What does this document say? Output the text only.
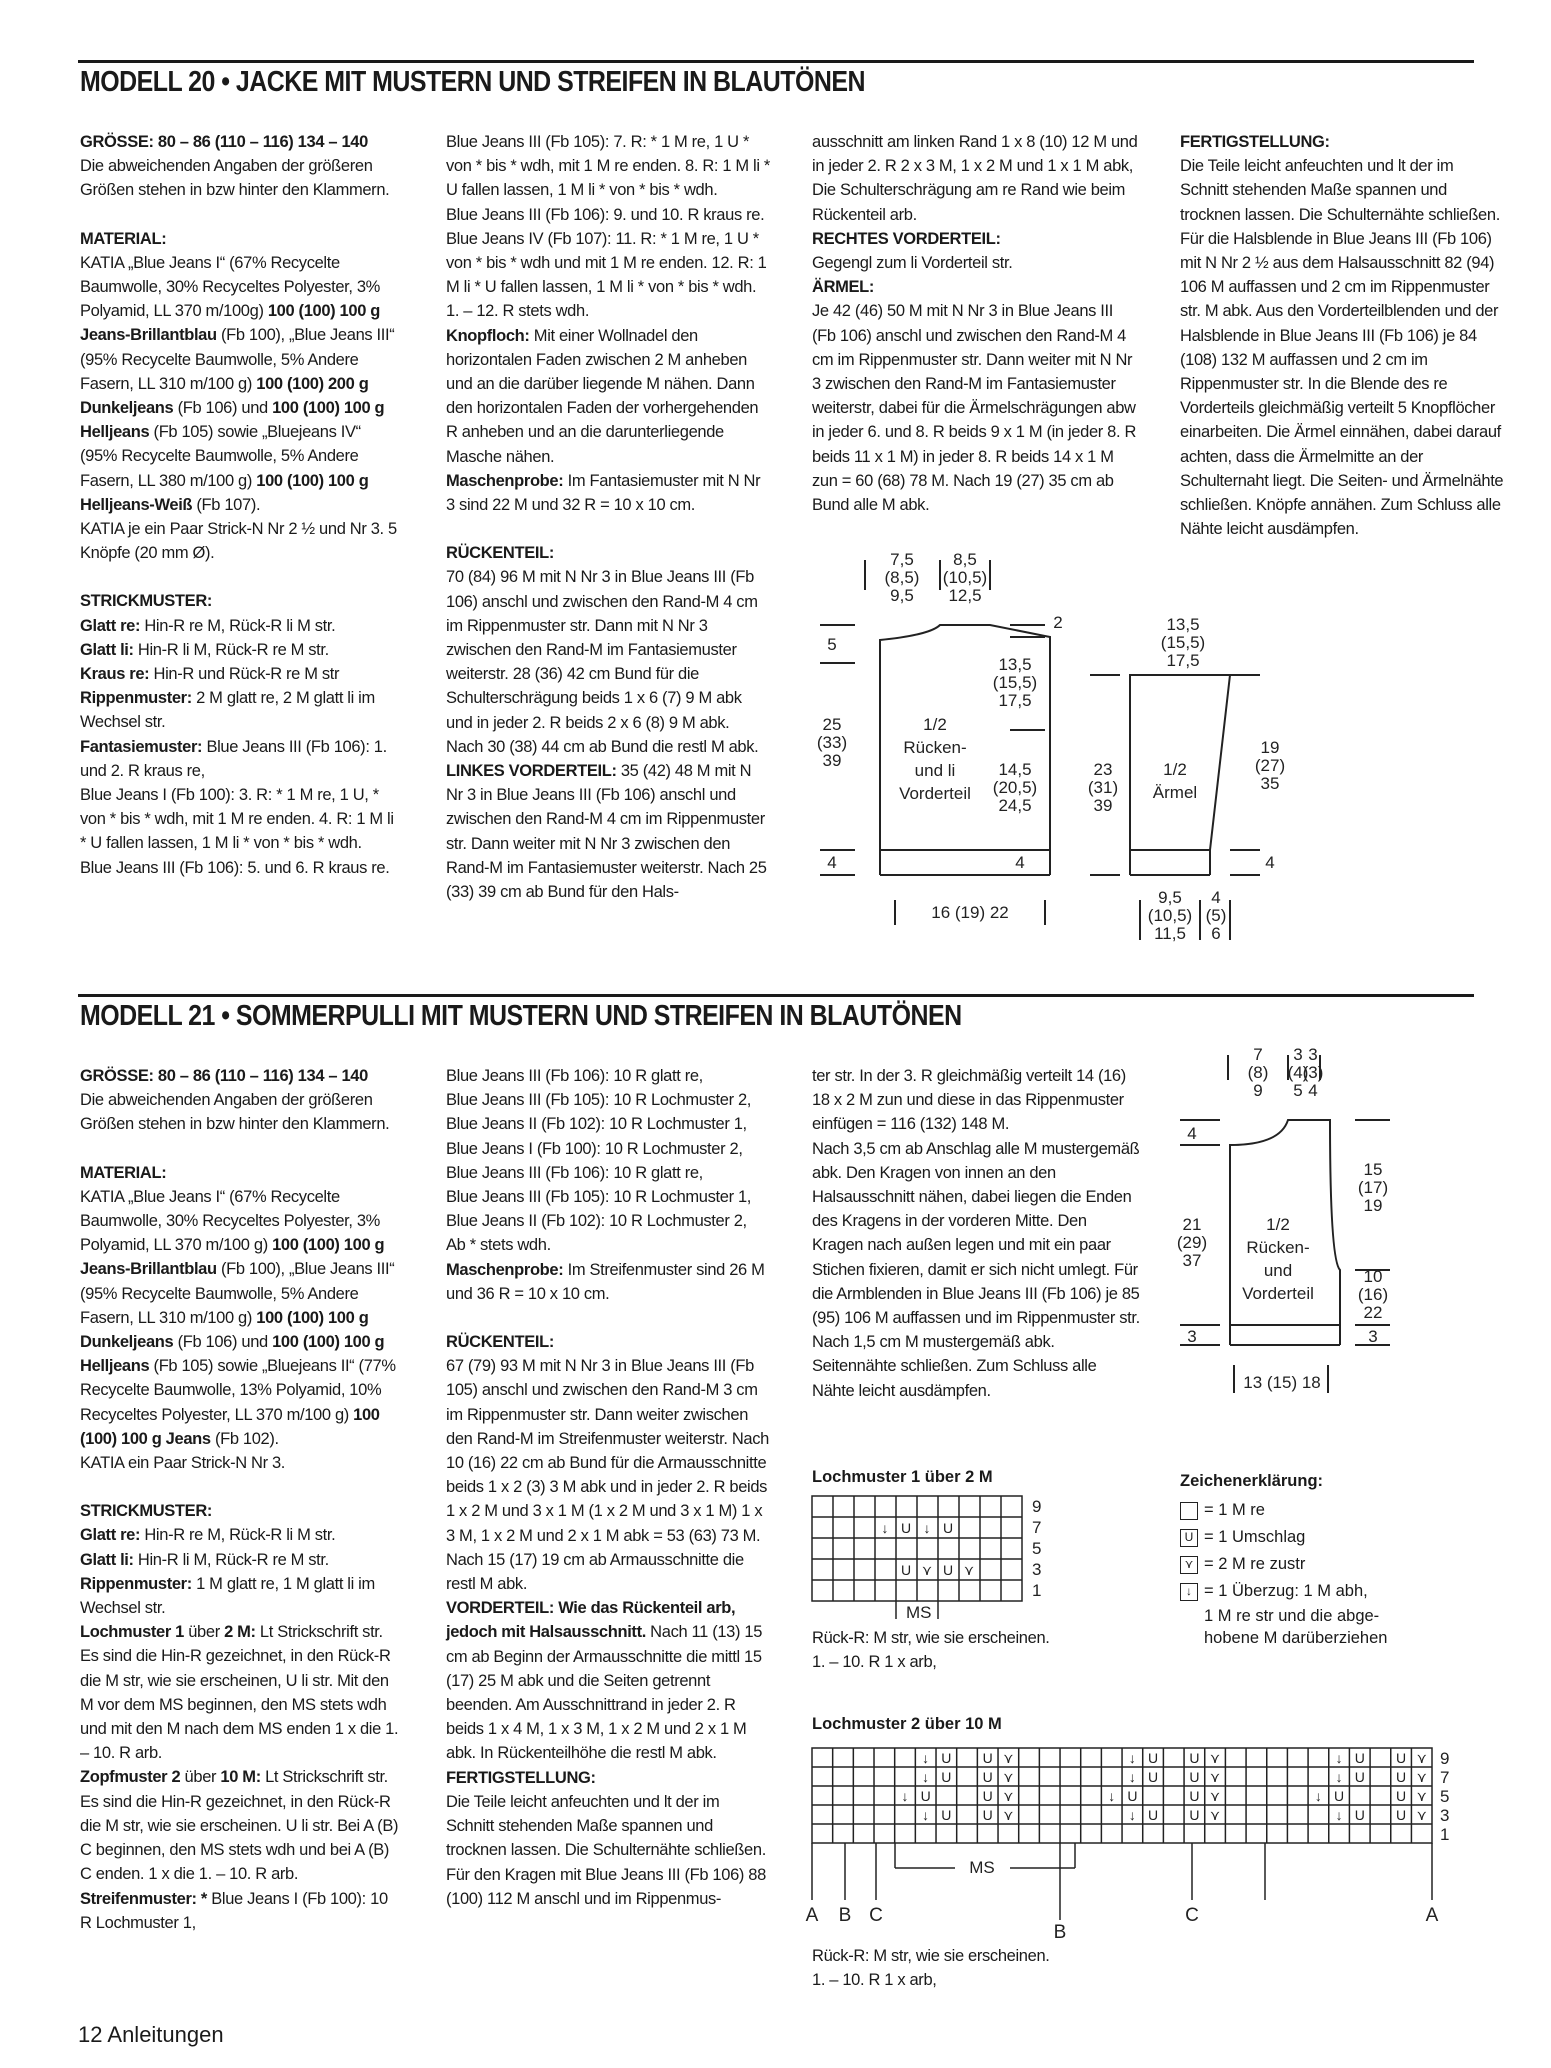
MODELL 20 • JACKE MIT MUSTERN UND STREIFEN IN BLAUTÖNEN

GRÖSSE: 80 – 86 (110 – 116) 134 – 140

Die abweichenden Angaben der größeren Größen stehen in bzw hinter den Klammern.

MATERIAL:

KATIA „Blue Jeans I“ (67% Recycelte Baumwolle, 30% Recyceltes Polyester, 3% Polyamid, LL 370 m/100g) 100 (100) 100 g Jeans-Brillantblau (Fb 100), „Blue Jeans III“ (95% Recycelte Baumwolle, 5% Andere Fasern, LL 310 m/100 g) 100 (100) 200 g Dunkeljeans (Fb 106) und 100 (100) 100 g Helljeans (Fb 105) sowie „Bluejeans IV“ (95% Recycelte Baumwolle, 5% Andere Fasern, LL 380 m/100 g) 100 (100) 100 g Helljeans-Weiß (Fb 107).

KATIA je ein Paar Strick-N Nr 2 ½ und Nr 3. 5 Knöpfe (20 mm Ø).

STRICKMUSTER:

Glatt re: Hin-R re M, Rück-R li M str.

Glatt li: Hin-R li M, Rück-R re M str.

Kraus re: Hin-R und Rück-R re M str

Rippenmuster: 2 M glatt re, 2 M glatt li im Wechsel str.

Fantasiemuster: Blue Jeans III (Fb 106): 1. und 2. R kraus re,

Blue Jeans I (Fb 100): 3. R: * 1 M re, 1 U, * von * bis * wdh, mit 1 M re enden. 4. R: 1 M li * U fallen lassen, 1 M li * von * bis * wdh.

Blue Jeans III (Fb 106): 5. und 6. R kraus re.

Blue Jeans III (Fb 105): 7. R: * 1 M re, 1 U * von * bis * wdh, mit 1 M re enden. 8. R: 1 M li * U fallen lassen, 1 M li * von * bis * wdh.

Blue Jeans III (Fb 106): 9. und 10. R kraus re.

Blue Jeans IV (Fb 107): 11. R: * 1 M re, 1 U * von * bis * wdh und mit 1 M re enden. 12. R: 1 M li * U fallen lassen, 1 M li * von * bis * wdh.

1. – 12. R stets wdh.

Knopfloch: Mit einer Wollnadel den horizontalen Faden zwischen 2 M anheben und an die darüber liegende M nähen. Dann den horizontalen Faden der vorhergehenden R anheben und an die darunterliegende Masche nähen.

Maschenprobe: Im Fantasiemuster mit N Nr 3 sind 22 M und 32 R = 10 x 10 cm.

RÜCKENTEIL:

70 (84) 96 M mit N Nr 3 in Blue Jeans III (Fb 106) anschl und zwischen den Rand-M 4 cm im Rippenmuster str. Dann mit N Nr 3 zwischen den Rand-M im Fantasiemuster weiterstr. 28 (36) 42 cm Bund für die Schulterschrägung beids 1 x 6 (7) 9 M abk und in jeder 2. R beids 2 x 6 (8) 9 M abk. Nach 30 (38) 44 cm ab Bund die restl M abk.

LINKES VORDERTEIL: 35 (42) 48 M mit N Nr 3 in Blue Jeans III (Fb 106) anschl und zwischen den Rand-M 4 cm im Rippenmuster str. Dann weiter mit N Nr 3 zwischen den Rand-M im Fantasiemuster weiterstr. Nach 25 (33) 39 cm ab Bund für den Hals-

ausschnitt am linken Rand 1 x 8 (10) 12 M und in jeder 2. R 2 x 3 M, 1 x 2 M und 1 x 1 M abk, Die Schulterschrägung am re Rand wie beim Rückenteil arb.

RECHTES VORDERTEIL:

Gegengl zum li Vorderteil str.

ÄRMEL:

Je 42 (46) 50 M mit N Nr 3 in Blue Jeans III (Fb 106) anschl und zwischen den Rand-M 4 cm im Rippenmuster str. Dann weiter mit N Nr 3 zwischen den Rand-M im Fantasiemuster weiterstr, dabei für die Ärmelschrägungen abw in jeder 6. und 8. R beids 9 x 1 M (in jeder 8. R beids 11 x 1 M) in jeder 8. R beids 14 x 1 M zun = 60 (68) 78 M. Nach 19 (27) 35 cm ab Bund alle M abk.

FERTIGSTELLUNG:

Die Teile leicht anfeuchten und lt der im Schnitt stehenden Maße spannen und trocknen lassen. Die Schulternähte schließen. Für die Halsblende in Blue Jeans III (Fb 106) mit N Nr 2 ½ aus dem Halsausschnitt 82 (94) 106 M auffassen und 2 cm im Rippenmuster str. M abk. Aus den Vorderteilblenden und der Halsblende in Blue Jeans III (Fb 106) je 84 (108) 132 M auffassen und 2 cm im Rippenmuster str. In die Blende des re Vorderteils gleichmäßig verteilt 5 Knopflöcher einarbeiten. Die Ärmel einnähen, dabei darauf achten, dass die Ärmelmitte an der Schulternaht liegt. Die Seiten- und Ärmelnähte schließen. Knöpfe annähen. Zum Schluss alle Nähte leicht ausdämpfen.

7,5
(8,5)
9,5
8,5
(10,5)
12,5
2
5
25
(33)
39
1/2
Rücken-
und li
Vorderteil
13,5
(15,5)
17,5
14,5
(20,5)
24,5
4	4
16 (19) 22
13,5
(15,5)
17,5
23
(31)
39
1/2
Ärmel
19
(27)
35
4
9,5
(10,5)
11,5
4
(5)
6
MODELL 21 • SOMMERPULLI MIT MUSTERN UND STREIFEN IN BLAUTÖNEN

GRÖSSE: 80 – 86 (110 – 116) 134 – 140

Die abweichenden Angaben der größeren Größen stehen in bzw hinter den Klammern.

MATERIAL:

KATIA „Blue Jeans I“ (67% Recycelte Baumwolle, 30% Recyceltes Polyester, 3% Polyamid, LL 370 m/100 g) 100 (100) 100 g Jeans-Brillantblau (Fb 100), „Blue Jeans III“ (95% Recycelte Baumwolle, 5% Andere Fasern, LL 310 m/100 g) 100 (100) 100 g Dunkeljeans (Fb 106) und 100 (100) 100 g Helljeans (Fb 105) sowie „Bluejeans II“ (77% Recycelte Baumwolle, 13% Polyamid, 10% Recyceltes Polyester, LL 370 m/100 g) 100 (100) 100 g Jeans (Fb 102).

KATIA ein Paar Strick-N Nr 3.

STRICKMUSTER:

Glatt re: Hin-R re M, Rück-R li M str.

Glatt li: Hin-R li M, Rück-R re M str.

Rippenmuster: 1 M glatt re, 1 M glatt li im Wechsel str.

Lochmuster 1 über 2 M: Lt Strickschrift str. Es sind die Hin-R gezeichnet, in den Rück-R die M str, wie sie erscheinen, U li str. Mit den M vor dem MS beginnen, den MS stets wdh und mit den M nach dem MS enden 1 x die 1. – 10. R arb.

Zopfmuster 2 über 10 M: Lt Strickschrift str. Es sind die Hin-R gezeichnet, in den Rück-R die M str, wie sie erscheinen. U li str. Bei A (B) C beginnen, den MS stets wdh und bei A (B) C enden. 1 x die 1. – 10. R arb.

Streifenmuster: * Blue Jeans I (Fb 100): 10 R Lochmuster 1,

Blue Jeans III (Fb 106): 10 R glatt re,

Blue Jeans III (Fb 105): 10 R Lochmuster 2,

Blue Jeans II (Fb 102): 10 R Lochmuster 1,

Blue Jeans I (Fb 100): 10 R Lochmuster 2,

Blue Jeans III (Fb 106): 10 R glatt re,

Blue Jeans III (Fb 105): 10 R Lochmuster 1,

Blue Jeans II (Fb 102): 10 R Lochmuster 2,

Ab * stets wdh.

Maschenprobe: Im Streifenmuster sind 26 M und 36 R = 10 x 10 cm.

RÜCKENTEIL:

67 (79) 93 M mit N Nr 3 in Blue Jeans III (Fb 105) anschl und zwischen den Rand-M 3 cm im Rippenmuster str. Dann weiter zwischen den Rand-M im Streifenmuster weiterstr. Nach 10 (16) 22 cm ab Bund für die Armausschnitte beids 1 x 2 (3) 3 M abk und in jeder 2. R beids 1 x 2 M und 3 x 1 M (1 x 2 M und 3 x 1 M) 1 x 3 M, 1 x 2 M und 2 x 1 M abk = 53 (63) 73 M. Nach 15 (17) 19 cm ab Armausschnitte die restl M abk.

VORDERTEIL: Wie das Rückenteil arb, jedoch mit Halsausschnitt. Nach 11 (13) 15 cm ab Beginn der Armausschnitte die mittl 15 (17) 25 M abk und die Seiten getrennt beenden. Am Ausschnittrand in jeder 2. R beids 1 x 4 M, 1 x 3 M, 1 x 2 M und 2 x 1 M abk. In Rückenteilhöhe die restl M abk.

FERTIGSTELLUNG:

Die Teile leicht anfeuchten und lt der im Schnitt stehenden Maße spannen und trocknen lassen. Die Schulternähte schließen.

Für den Kragen mit Blue Jeans III (Fb 106) 88 (100) 112 M anschl und im Rippenmus-

ter str. In der 3. R gleichmäßig verteilt 14 (16) 18 x 2 M zun und diese in das Rippenmuster einfügen = 116 (132) 148 M.

Nach 3,5 cm ab Anschlag alle M mustergemäß abk. Den Kragen von innen an den Halsausschnitt nähen, dabei liegen die Enden des Kragens in der vorderen Mitte. Den Kragen nach außen legen und mit ein paar Stichen fixieren, damit er sich nicht umlegt. Für die Armblenden in Blue Jeans III (Fb 106) je 85 (95) 106 M auffassen und im Rippenmuster str. Nach 1,5 cm M mustergemäß abk. Seitennähte schließen. Zum Schluss alle Nähte leicht ausdämpfen.

7
(8)
9
3
(4)
5
3
(3)
4
4
21
(29)
37
1/2
Rücken-
und
Vorderteil
15
(17)
19
10
(16)
22
3	3
13 (15) 18
Lochmuster 1 über 2 M
↓ U ↓ U
U ⋎ U ⋎
9
7
5
3
1
MS

Rück-R: M str, wie sie erscheinen.

1. – 10. R 1 x arb,

Lochmuster 2 über 10 M
↓ U U ⋎	↓ U U ⋎	↓ U U ⋎
↓ U U ⋎	↓ U U ⋎	↓ U U ⋎
↓ U	U ⋎	↓ U	U ⋎	↓ U	U ⋎
↓ U U ⋎	↓ U U ⋎	↓ U U ⋎
A B C
B
C	A
MS
9
7
5
3
1

Rück-R: M str, wie sie erscheinen.

1. – 10. R 1 x arb,

Zeichenerklärung:
= 1 M re
U = 1 Umschlag
⋎ = 2 M re zustr
↓ = 1 Überzug: 1 M abh,
1 M re str und die abge-
hobene M darüberziehen
12 Anleitungen
